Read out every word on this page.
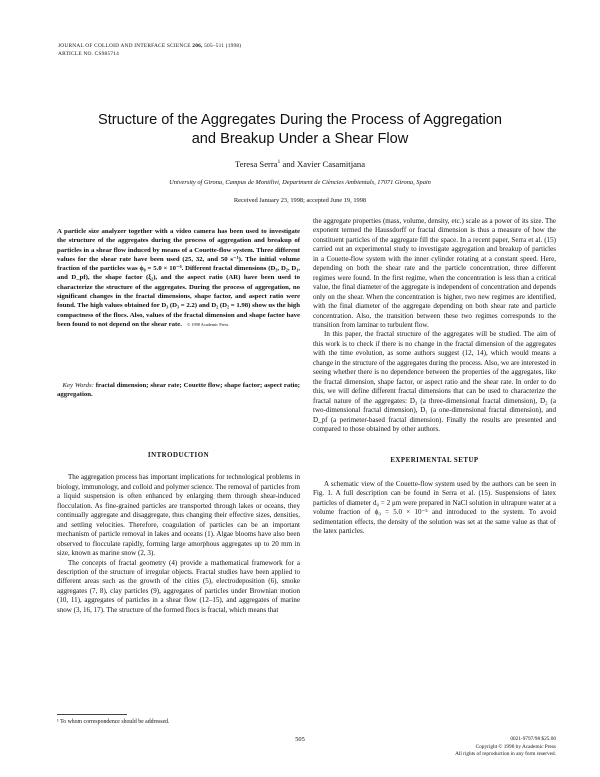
JOURNAL OF COLLOID AND INTERFACE SCIENCE 206, 505–511 (1998)
ARTICLE NO. CS985714
Structure of the Aggregates During the Process of Aggregation
and Breakup Under a Shear Flow
Teresa Serra$^1$ and Xavier Casamitjana
University of Girona, Campus de Montilivi, Department de Ciències Ambientals, 17071 Girona, Spain
Received January 23, 1998; accepted June 19, 1998
A particle size analyzer together with a video camera has been used to investigate the structure of the aggregates during the process of aggregation and breakup of particles in a shear flow induced by means of a Couette-flow system. Three different values for the shear rate have been used (25, 32, and 50 s⁻¹). The initial volume fraction of the particles was ϕ₀ = 5.0 × 10⁻⁶. Different fractal dimensions (D₃, D₂, D₁, and D_pf), the shape factor (ξ₂), and the aspect ratio (AR) have been used to characterize the structure of the aggregates. During the process of aggregation, no significant changes in the fractal dimensions, shape factor, and aspect ratio were found. The high values obtained for D₃ (D₃ = 2.2) and D₂ (D₂ = 1.98) show us the high compactness of the flocs. Also, values of the fractal dimension and shape factor have been found to not depend on the shear rate. © 1998 Academic Press
Key Words: fractal dimension; shear rate; Couette flow; shape factor; aspect ratio; aggregation.
INTRODUCTION

The aggregation process has important implications for technological problems in biology, immunology, and colloid and polymer science. The removal of particles from a liquid suspension is often enhanced by enlarging them through shear-induced flocculation. As fine-grained particles are transported through lakes or oceans, they continually aggregate and disaggregate, thus changing their effective sizes, densities, and settling velocities. Therefore, coagulation of particles can be an important mechanism of particle removal in lakes and oceans (1). Algae blooms have also been observed to flocculate rapidly, forming large amorphous aggregates up to 20 mm in size, known as marine snow (2, 3).

The concepts of fractal geometry (4) provide a mathematical framework for a description of the structure of irregular objects. Fractal studies have been applied to different areas such as the growth of the cities (5), electrodeposition (6), smoke aggregates (7, 8), clay particles (9), aggregates of particles under Brownian motion (10, 11), aggregates of particles in a shear flow (12–15), and aggregates of marine snow (3, 16, 17). The structure of the formed flocs is fractal, which means that

the aggregate properties (mass, volume, density, etc.) scale as a power of its size. The exponent termed the Haussdorff or fractal dimension is thus a measure of how the constituent particles of the aggregate fill the space. In a recent paper, Serra et al. (15) carried out an experimental study to investigate aggregation and breakup of particles in a Couette-flow system with the inner cylinder rotating at a constant speed. Here, depending on both the shear rate and the particle concentration, three different regimes were found. In the first regime, when the concentration is less than a critical value, the final diameter of the aggregate is independent of concentration and depends only on the shear. When the concentration is higher, two new regimes are identified, with the final diameter of the aggregate depending on both shear rate and particle concentration. Also, the transition between these two regimes corresponds to the transition from laminar to turbulent flow.

In this paper, the fractal structure of the aggregates will be studied. The aim of this work is to check if there is no change in the fractal dimension of the aggregates with the time evolution, as some authors suggest (12, 14), which would means a change in the structure of the aggregates during the process. Also, we are interested in seeing whether there is no dependence between the properties of the aggregates, like the fractal dimension, shape factor, or aspect ratio and the shear rate. In order to do this, we will define different fractal dimensions that can be used to characterize the fractal nature of the aggregates: D₃ (a three-dimensional fractal dimension), D₂ (a two-dimensional fractal dimension), D₁ (a one-dimensional fractal dimension), and D_pf (a perimeter-based fractal dimension). Finally the results are presented and compared to those obtained by other authors.

EXPERIMENTAL SETUP

A schematic view of the Couette-flow system used by the authors can be seen in Fig. 1. A full description can be found in Serra et al. (15). Suspensions of latex particles of diameter d₀ = 2 μm were prepared in NaCl solution in ultrapure water at a volume fraction of ϕ₀ = 5.0 × 10⁻⁵ and introduced to the system. To avoid sedimentation effects, the density of the solution was set at the same value as that of the latex particles.

¹ To whom correspondence should be addressed.
505	0021-9797/98 $25.00
Copyright © 1998 by Academic Press
All rights of reproduction in any form reserved.
